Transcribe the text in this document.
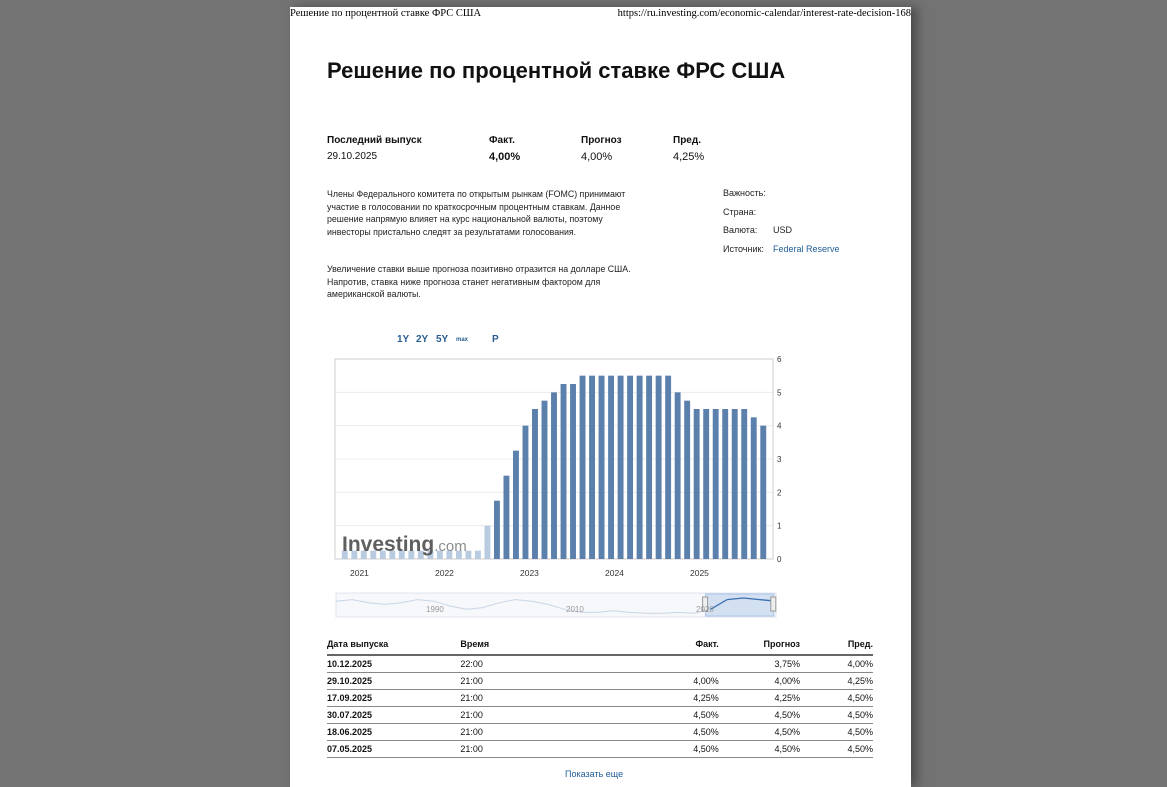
Решение по процентной ставке ФРС США	https://ru.investing.com/economic-calendar/interest-rate-decision-168
Решение по процентной ставке ФРС США
Последний выпуск
29.10.2025
Факт.
4,00%
Прогноз
4,00%
Пред.
4,25%

Члены Федерального комитета по открытым рынкам (FOMC) принимают участие в голосовании по краткосрочным процентным ставкам. Данное решение напрямую влияет на курс национальной валюты, поэтому инвесторы пристально следят за результатами голосования.

Увеличение ставки выше прогноза позитивно отразится на долларе США. Напротив, ставка ниже прогноза станет негативным фактором для американской валюты.

Важность:
Страна:
Валюта: USD
Источник: Federal Reserve
1Y 2Y 5Y max P
0
1
2
3
4
5
6
2021	2022	2023	2024	2025
Investing.com
1990	2010	2020
Дата выпуска	Время	Факт.	Прогноз	Пред.
10.12.2025	22:00		3,75%	4,00%
29.10.2025	21:00	4,00%	4,00%	4,25%
17.09.2025	21:00	4,25%	4,25%	4,50%
30.07.2025	21:00	4,50%	4,50%	4,50%
18.06.2025	21:00	4,50%	4,50%	4,50%
07.05.2025	21:00	4,50%	4,50%	4,50%
Показать еще
